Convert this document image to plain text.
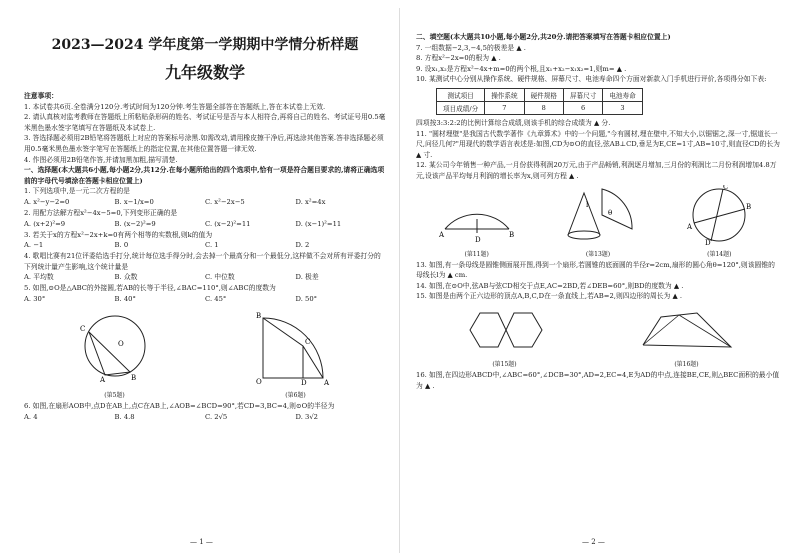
2023—2024 学年度第一学期期中学情分析样题
九年级数学

注意事项：

1. 本试卷共6页.全卷满分120分.考试时间为120分钟.考生答题全部答在答题纸上,答在本试卷上无效.

2. 请认真核对监考教师在答题纸上所粘贴条形码的姓名、考试证号是否与本人相符合,再将自己的姓名、考试证号用0.5毫米黑色墨水签字笔填写在答题纸及本试卷上.

3. 答选择题必须用2B铅笔将答题纸上对应的答案标号涂黑.如需改动,请用橡皮擦干净后,再选涂其他答案.答非选择题必须用0.5毫米黑色墨水签字笔写在答题纸上的指定位置,在其他位置答题一律无效.

4. 作图必须用2B铅笔作答,并请加黑加粗,描写清楚.

一、选择题(本大题共6小题,每小题2分,共12分.在每小题所给出的四个选项中,恰有一项是符合题目要求的,请将正确选项前的字母代号填涂在答题卡相应位置上)

1. 下列选项中,是一元二次方程的是

A. x²−y−2=0	B. x−1/x=0	C. x²−2x−5	D. x²=4x

2. 用配方法解方程x²−4x−5=0,下列变形正确的是

A. (x+2)²=9	B. (x−2)²=9	C. (x−2)²=11	D. (x−1)²=11

3. 若关于x的方程x²−2x+k=0有两个相等的实数根,则k的值为

A. −1	B. 0	C. 1	D. 2

4. 歌唱比赛有21位评委给选手打分,统计每位选手得分时,会去掉一个最高分和一个最低分,这样做不会对所有评委打分的下列统计量产生影响,这个统计量是

A. 平均数	B. 众数	C. 中位数	D. 极差

5. 如图,⊙O是△ABC的外接圆,若AB的长等于半径,∠BAC=110°,则∠ABC的度数为

A. 30°	B. 40°	C. 45°	D. 50°
C
O
A	B
(第5题)
B
C
O	D A
(第6题)

6. 如图,在扇形AOB中,点D在AB上,点C在AB上,∠AOB=∠BCD=90°,若CD=3,BC=4,则⊙O的半径为

A. 4	B. 4.8	C. 2√5	D. 3√2
— 1 —

二、填空题(本大题共10小题,每小题2分,共20分.请把答案填写在答题卡相应位置上)

7. 一组数据−2,3,−4,5的极差是 ▲ .

8. 方程x²−2x=0的根为 ▲ .

9. 设x₁,x₂是方程x²−4x+m=0的两个根,且x₁+x₂−x₁x₂=1,则m= ▲ .

10. 某测试中心分别从操作系统、硬件规格、屏幕尺寸、电池寿命四个方面对新款入门手机进行评价,各项得分如下表:

测试项目	操作系统	硬件规格	屏幕尺寸	电池寿命
项目成绩/分	7	8	6	3

四项按3:3:2:2的比例计算综合成绩,则该手机的综合成绩为 ▲ 分.

11. "圆材埋壁"是我国古代数学著作《九章算术》中的一个问题,"今有圆材,埋在壁中,不知大小,以锯锯之,深一寸,锯道长一尺,问径几何?"用现代的数学语言表述是:如图,CD为⊙O的直径,弦AB⊥CD,垂足为E,CE=1寸,AB=10寸,则直径CD的长为 ▲ 寸.

12. 某公司今年销售一种产品,一月份获得利润20万元,由于产品畅销,利润逐月增加,三月份的利润比二月份利润增加4.8万元,设该产品平均每月利润的增长率为x,则可列方程 ▲ .

A	B
D
(第11题)
l
θ
(第13题)
A
B
C
D
(第14题)

13. 如图,有一条母线是圆锥侧面展开图,得到一个扇形,若圆锥的底面圆的半径r=2cm,扇形的圆心角θ=120°,则该圆锥的母线长l为 ▲ cm.

14. 如图,在⊙O中,弦AB与弦CD相交于点E,AC=2BD,若∠DEB=60°,则BD的度数为 ▲ .

15. 如图是由两个正六边形的顶点A,B,C,D在一条直线上,若AB=2,则四边形的周长为 ▲ .

(第15题)	(第16题)

16. 如图,在四边形ABCD中,∠ABC=60°,∠DCB=30°,AD=2,EC=4,E为AD的中点,连接BE,CE,则△BEC面积的最小值为 ▲ .

— 2 —
